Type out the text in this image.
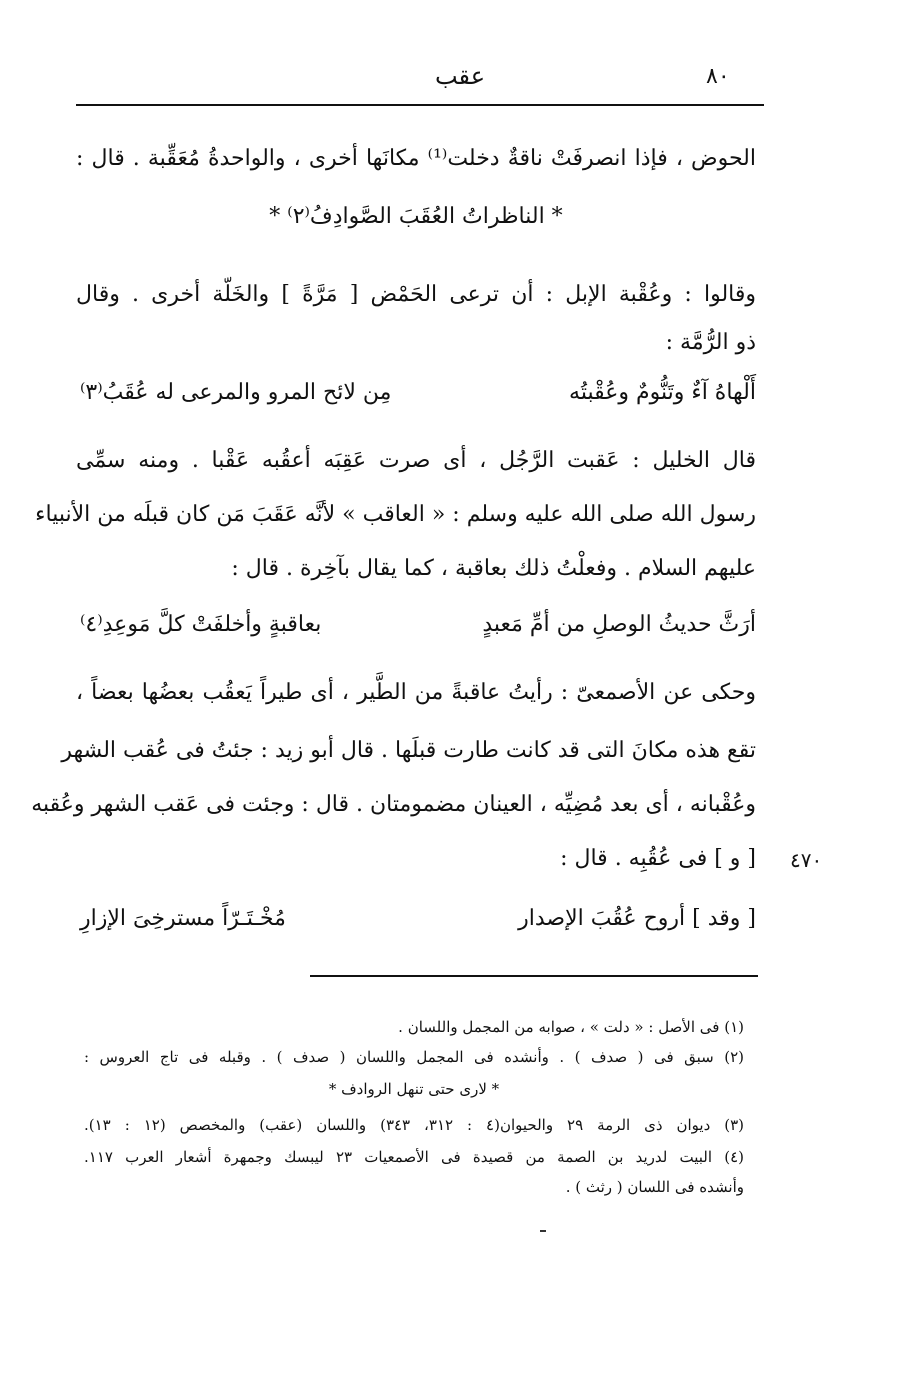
٨٠
عقب
الحوض ، فإذا انصرفَتْ ناقةٌ دخلت⁽¹⁾ مكانَها أخرى ، والواحدةُ مُعَقِّبة . قال :
* الناظراتُ العُقَبَ الصَّوادِفُ⁽٢⁾ *
وقالوا : وعُقْبة الإبل : أن ترعى الحَمْض [ مَرَّةً ] والخَلّة أخرى . وقال
ذو الرُّمَّة :
أَلْهاهُ آءٌ وتَنُّومٌ وعُقْبتُه
مِن لائح المرو والمرعى له عُقَبُ⁽٣⁾
قال الخليل : عَقبت الرَّجُل ، أى صرت عَقِبَه أعقُبه عَقْبا . ومنه سمِّى
رسول الله صلى الله عليه وسلم : « العاقب » لأنَّه عَقَبَ مَن كان قبلَه من الأنبياء
عليهم السلام . وفعلْتُ ذلك بعاقبة ، كما يقال بآخِرة . قال :
أرَثَّ حديثُ الوصلِ من أمِّ مَعبدٍ
بعاقبةٍ وأخلفَتْ كلَّ مَوعِدِ⁽٤⁾
وحكى عن الأصمعىّ : رأيتُ عاقبةً من الطَّير ، أى طيراً يَعقُب بعضُها بعضاً ،
تقع هذه مكانَ التى قد كانت طارت قبلَها . قال أبو زيد : جئتُ فى عُقب الشهر
وعُقْبانه ، أى بعد مُضِيِّه ، العينان مضمومتان . قال : وجئت فى عَقب الشهر وعُقبه
[ و ] فى عُقُبِه . قال : ٤٧٠
[ وقد ] أروح عُقُبَ الإصدار
مُخْـتَـرّاً مسترخِىَ الإزارِ
(١) فى الأصل : « دلت » ، صوابه من المجمل واللسان .
(٢) سبق فى ( صدف ) . وأنشده فى المجمل واللسان ( صدف ) . وقبله فى تاج العروس :
* لارى حتى تنهل الروادف *
(٣) ديوان ذى الرمة ٢٩ والحيوان(٤ : ٣١٢، ٣٤٣) واللسان (عقب) والمخصص (١٢ : ١٣).
(٤) البيت لدريد بن الصمة من قصيدة فى الأصمعيات ٢٣ ليبسك وجمهرة أشعار العرب ١١٧.
وأنشده فى اللسان ( رثث ) .
